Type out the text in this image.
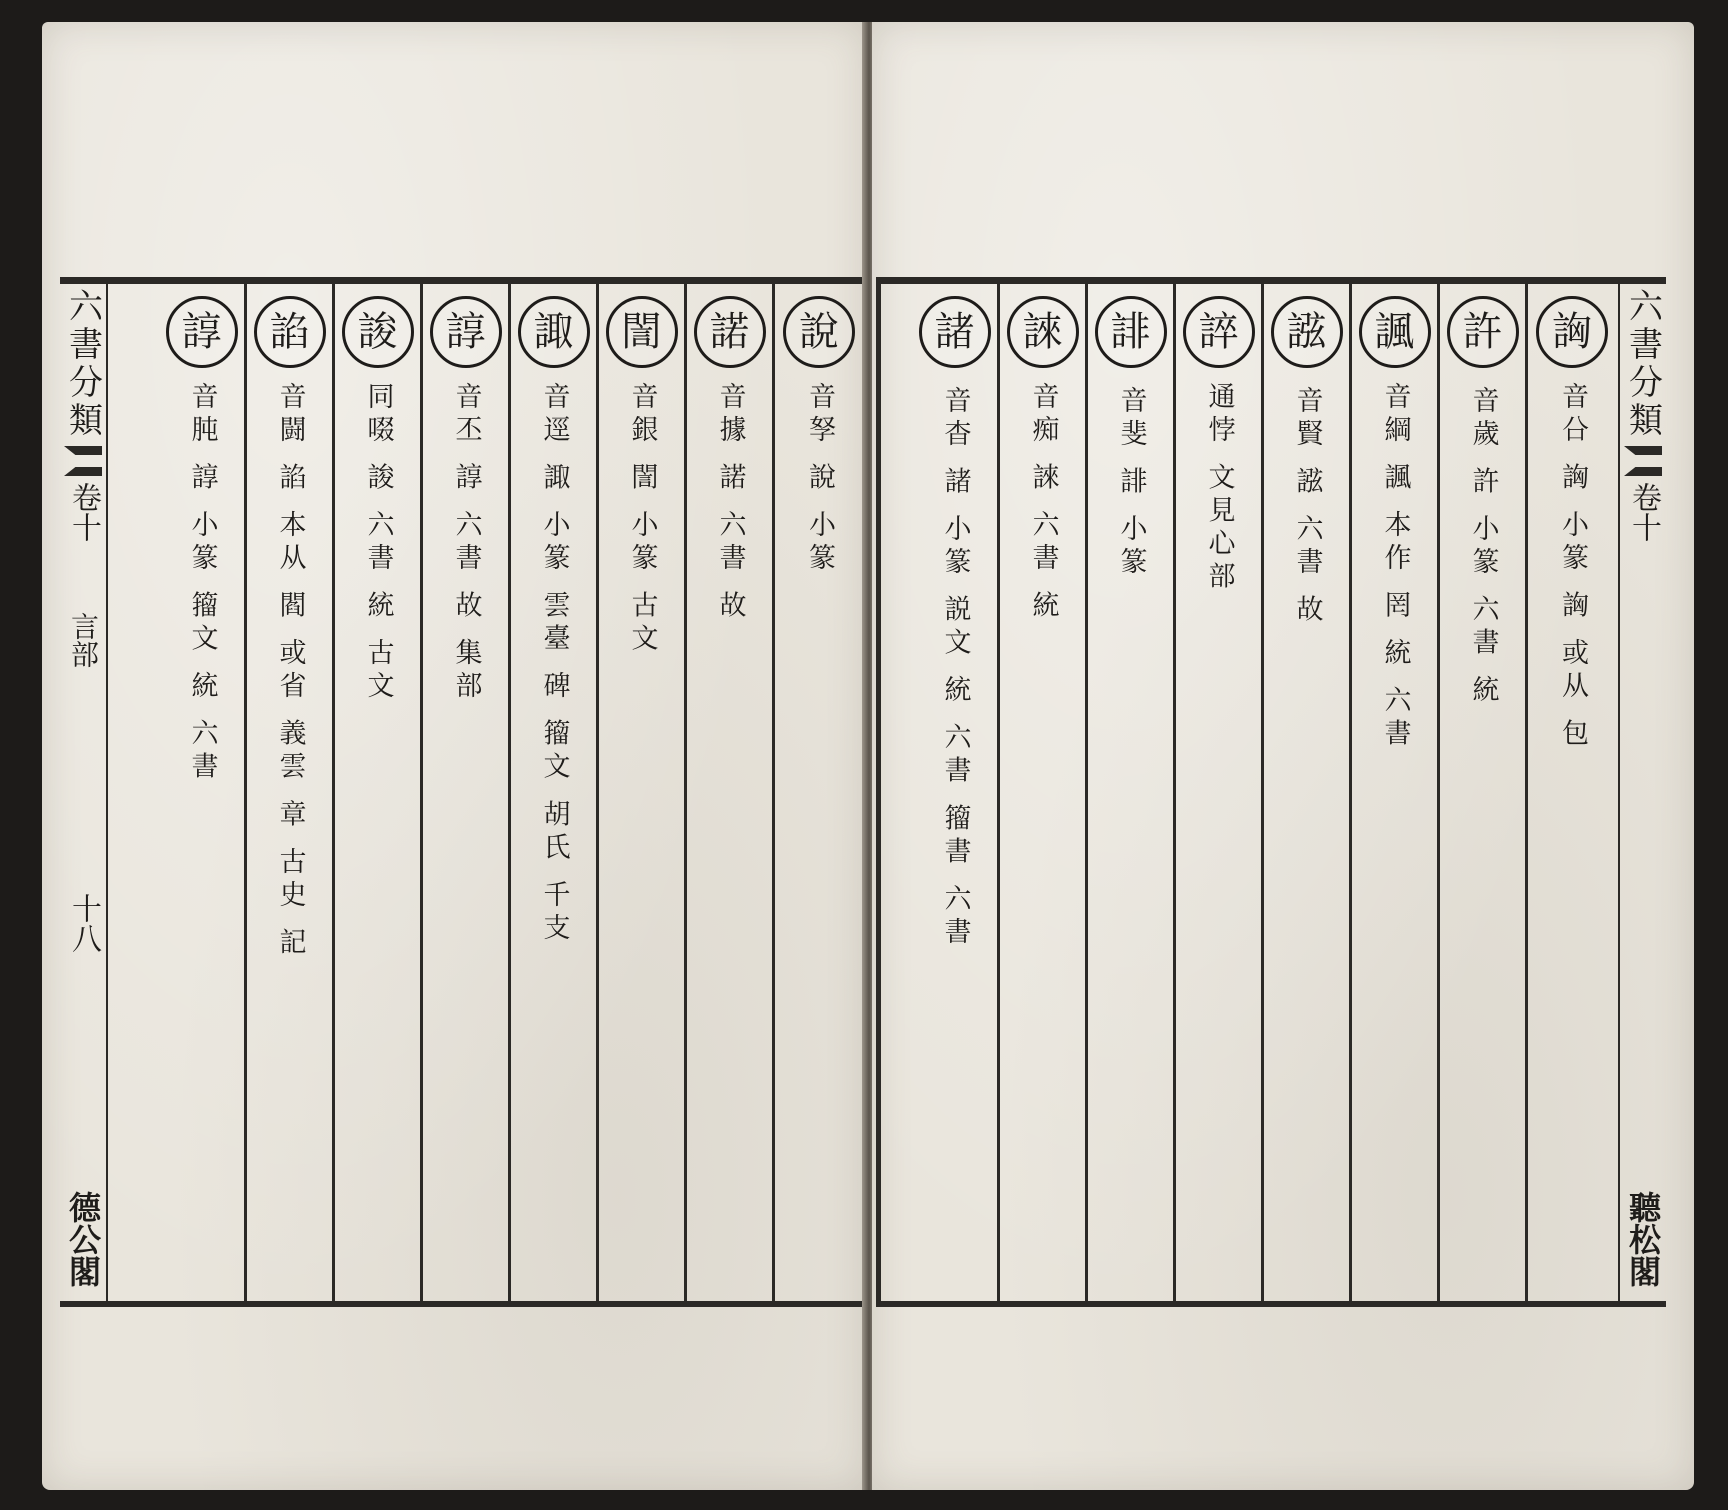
六書分類
卷十
言部
十八
德公閣
說
音孥 說 小篆
諾
音據 諾 六書 故
誾
音銀 誾 小篆 古文
諏
音逕 諏 小篆 雲臺 碑 籀文 胡氏 千支
諄
音丕 諄 六書 故 集部
誜
同啜 誜 六書 統 古文
諂
音闘 諂 本从 閻 或省 義雲 章 古史 記
諄
音肫 諄 小篆 籀文 統 六書
詾
音㕣 詾 小篆 詾 或从 包
許
音歲 許 小篆 六書 統
諷
音綱 諷 本作 罔 統 六書
誸
音賢 誸 六書 故
誶
通悖 文見心部
誹
音斐 誹 小篆
誺
音痴 誺 六書 統
諸
音杳 諸 小篆 説文 統 六書 籀書 六書
六書分類
卷十
聽松閣
